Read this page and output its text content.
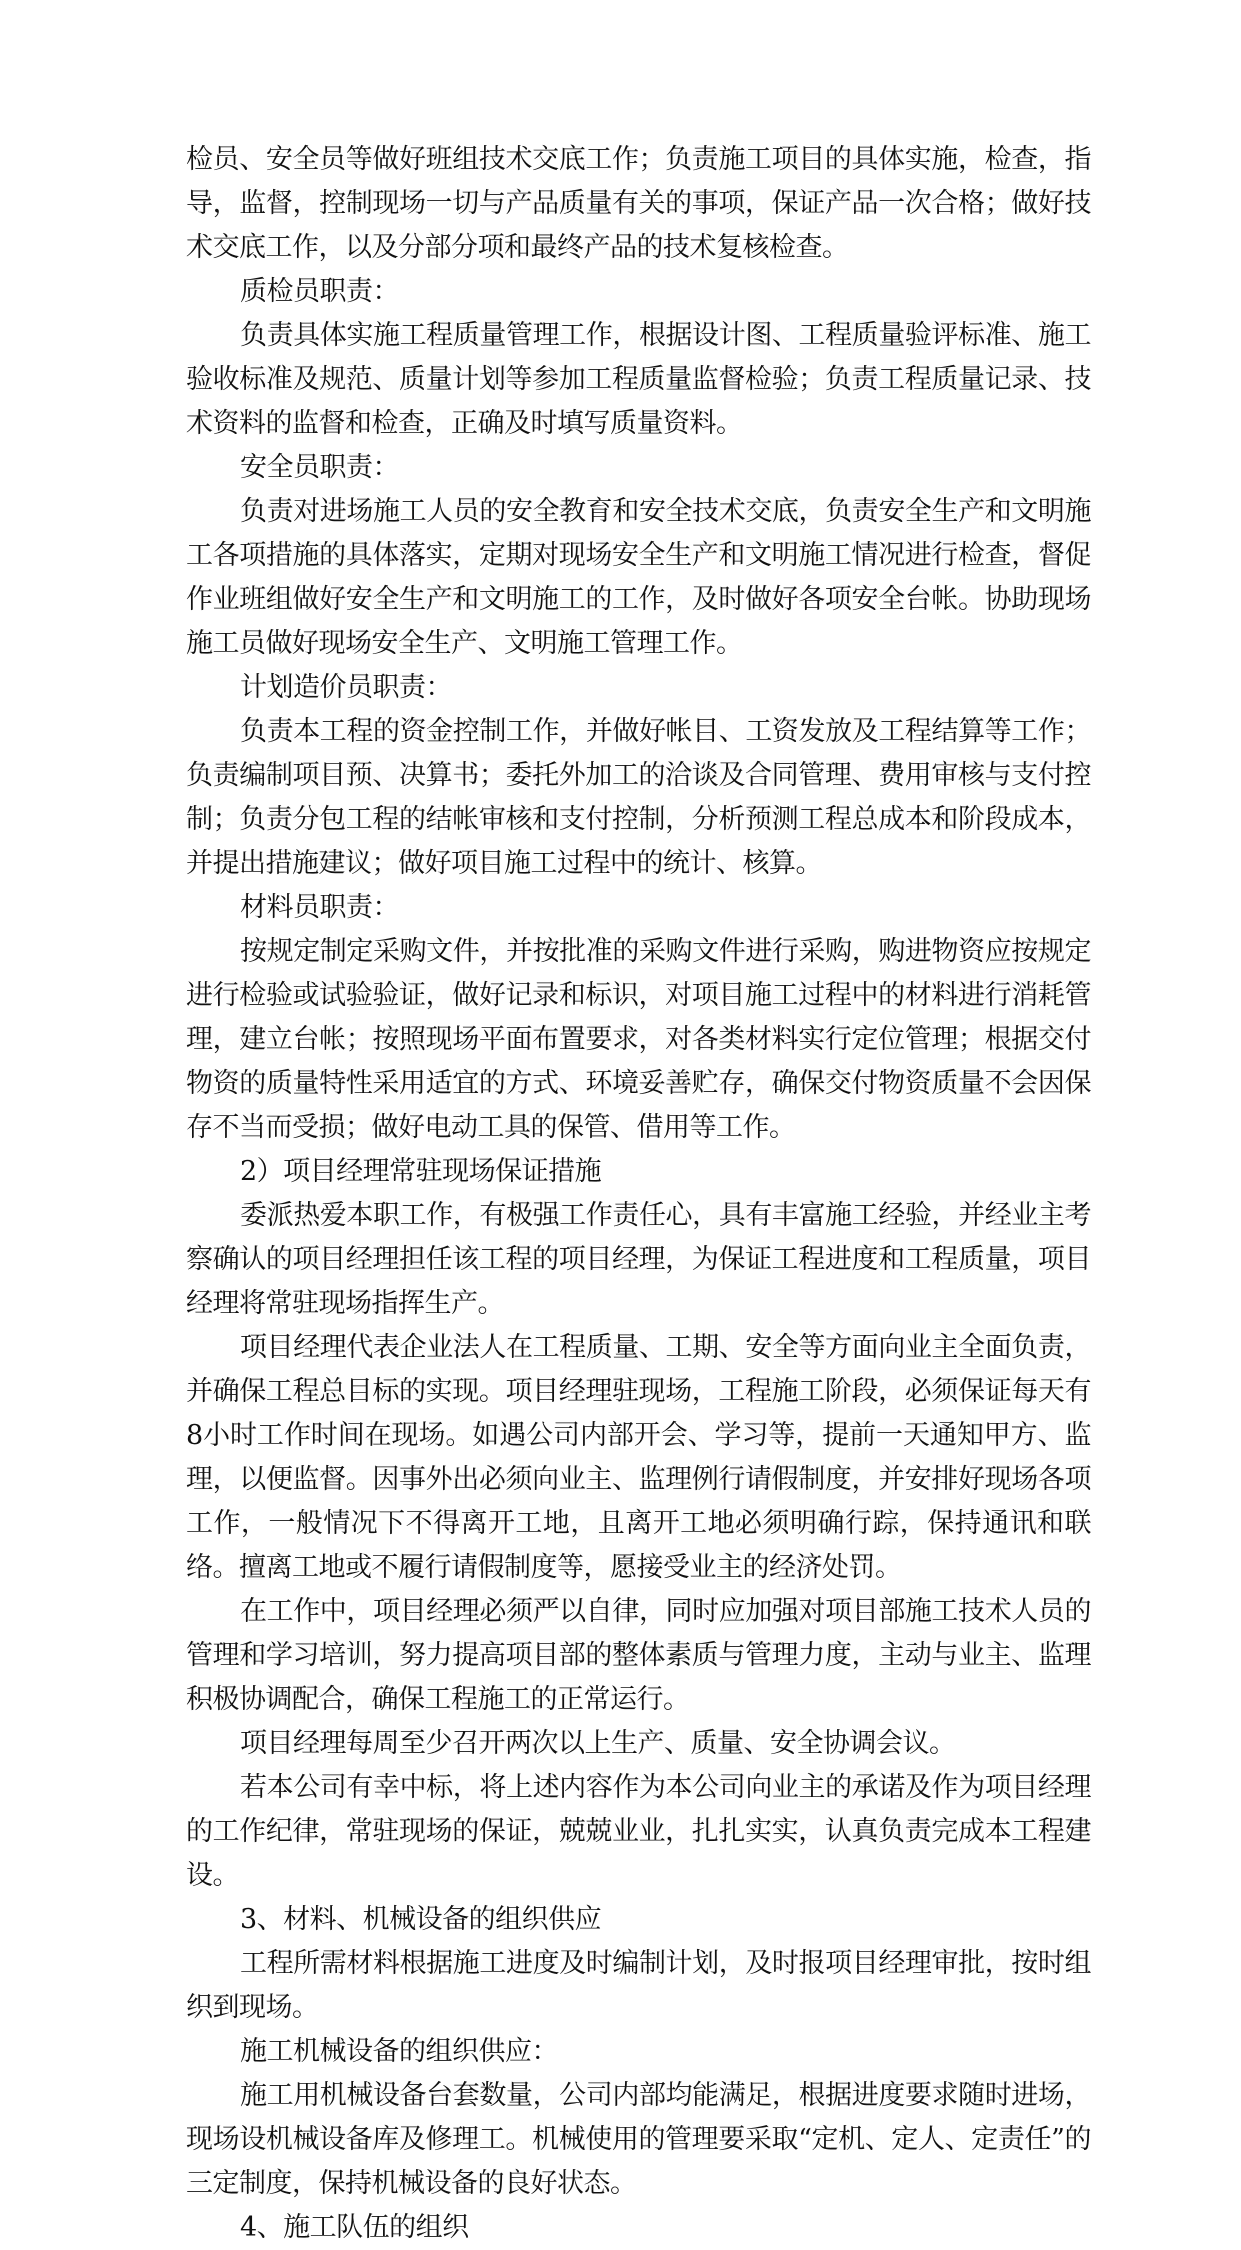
检员、安全员等做好班组技术交底工作；负责施工项目的具体实施，检查，指导，监督，控制现场一切与产品质量有关的事项，保证产品一次合格；做好技术交底工作，以及分部分项和最终产品的技术复核检查。

质检员职责：

负责具体实施工程质量管理工作，根据设计图、工程质量验评标准、施工验收标准及规范、质量计划等参加工程质量监督检验；负责工程质量记录、技术资料的监督和检查，正确及时填写质量资料。

安全员职责：

负责对进场施工人员的安全教育和安全技术交底，负责安全生产和文明施工各项措施的具体落实，定期对现场安全生产和文明施工情况进行检查，督促作业班组做好安全生产和文明施工的工作，及时做好各项安全台帐。协助现场施工员做好现场安全生产、文明施工管理工作。

计划造价员职责：

负责本工程的资金控制工作，并做好帐目、工资发放及工程结算等工作；负责编制项目预、决算书；委托外加工的洽谈及合同管理、费用审核与支付控制；负责分包工程的结帐审核和支付控制，分析预测工程总成本和阶段成本，并提出措施建议；做好项目施工过程中的统计、核算。

材料员职责：

按规定制定采购文件，并按批准的采购文件进行采购，购进物资应按规定进行检验或试验验证，做好记录和标识，对项目施工过程中的材料进行消耗管理，建立台帐；按照现场平面布置要求，对各类材料实行定位管理；根据交付物资的质量特性采用适宜的方式、环境妥善贮存，确保交付物资质量不会因保存不当而受损；做好电动工具的保管、借用等工作。

2）项目经理常驻现场保证措施

委派热爱本职工作，有极强工作责任心，具有丰富施工经验，并经业主考察确认的项目经理担任该工程的项目经理，为保证工程进度和工程质量，项目经理将常驻现场指挥生产。

项目经理代表企业法人在工程质量、工期、安全等方面向业主全面负责，并确保工程总目标的实现。项目经理驻现场，工程施工阶段，必须保证每天有8小时工作时间在现场。如遇公司内部开会、学习等，提前一天通知甲方、监理，以便监督。因事外出必须向业主、监理例行请假制度，并安排好现场各项工作，一般情况下不得离开工地，且离开工地必须明确行踪，保持通讯和联络。擅离工地或不履行请假制度等，愿接受业主的经济处罚。

在工作中，项目经理必须严以自律，同时应加强对项目部施工技术人员的管理和学习培训，努力提高项目部的整体素质与管理力度，主动与业主、监理积极协调配合，确保工程施工的正常运行。

项目经理每周至少召开两次以上生产、质量、安全协调会议。

若本公司有幸中标，将上述内容作为本公司向业主的承诺及作为项目经理的工作纪律，常驻现场的保证，兢兢业业，扎扎实实，认真负责完成本工程建设。

3、材料、机械设备的组织供应

工程所需材料根据施工进度及时编制计划，及时报项目经理审批，按时组织到现场。

施工机械设备的组织供应：

施工用机械设备台套数量，公司内部均能满足，根据进度要求随时进场，现场设机械设备库及修理工。机械使用的管理要采取“定机、定人、定责任”的三定制度，保持机械设备的良好状态。

4、施工队伍的组织
